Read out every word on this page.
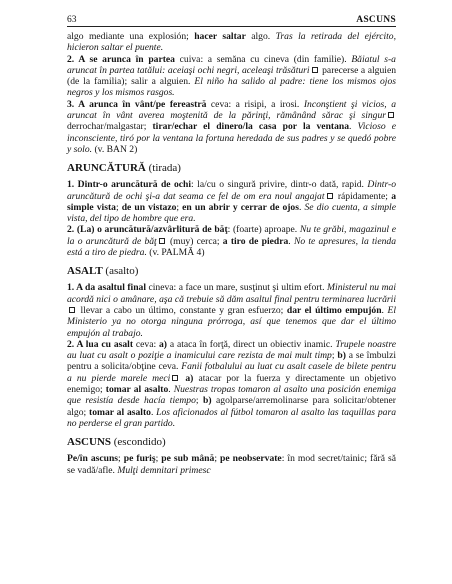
63	ASCUNS

algo mediante una explosión; hacer saltar algo. Tras la retirada del ejército, hicieron saltar el puente.

2. A se arunca în partea cuiva: a semăna cu cineva (din familie). Băiatul s-a aruncat în partea tatălui: aceiaşi ochi negri, aceleaşi trăsături parecerse a alguien (de la familia); salir a alguien. El niño ha salido al padre: tiene los mismos ojos negros y los mismos rasgos.

3. A arunca în vânt/pe fereastră ceva: a risipi, a irosi. Inconştient şi vicios, a aruncat în vânt averea moştenită de la părinţi, rămânând sărac şi singur derrochar/malgastar; tirar/echar el dinero/la casa por la ventana. Vicioso e inconsciente, tiró por la ventana la fortuna heredada de sus padres y se quedó pobre y solo. (v. BAN 2)

ARUNCĂTURĂ (tirada)

1. Dintr-o aruncătură de ochi: la/cu o singură privire, dintr-o dată, rapid. Dintr-o aruncătură de ochi şi-a dat seama ce fel de om era noul angajat rápidamente; a simple vista; de un vistazo; en un abrir y cerrar de ojos. Se dio cuenta, a simple vista, del tipo de hombre que era.

2. (La) o aruncătură/azvârlitură de băţ: (foarte) aproape. Nu te grăbi, magazinul e la o aruncătură de băţ (muy) cerca; a tiro de piedra. No te apresures, la tienda está a tiro de piedra. (v. PALMĂ 4)

ASALT (asalto)

1. A da asaltul final cineva: a face un mare, susţinut şi ultim efort. Ministerul nu mai acordă nici o amânare, aşa că trebuie să dăm asaltul final pentru terminarea lucrării llevar a cabo un último, constante y gran esfuerzo; dar el último empujón. El Ministerio ya no otorga ninguna prórroga, así que tenemos que dar el último empujón al trabajo.

2. A lua cu asalt ceva: a) a ataca în forţă, direct un obiectiv inamic. Trupele noastre au luat cu asalt o poziţie a inamicului care rezista de mai mult timp; b) a se îmbulzi pentru a solicita/obţine ceva. Fanii fotbalului au luat cu asalt casele de bilete pentru a nu pierde marele meci a) atacar por la fuerza y directamente un objetivo enemigo; tomar al asalto. Nuestras tropas tomaron al asalto una posición enemiga que resistía desde hacía tiempo; b) agolparse/arremolinarse para solicitar/obtener algo; tomar al asalto. Los aficionados al fútbol tomaron al asalto las taquillas para no perderse el gran partido.

ASCUNS (escondido)

Pe/în ascuns; pe furiş; pe sub mână; pe neobservate: în mod secret/tainic; fără să se vadă/afle. Mulţi demnitari primesc
